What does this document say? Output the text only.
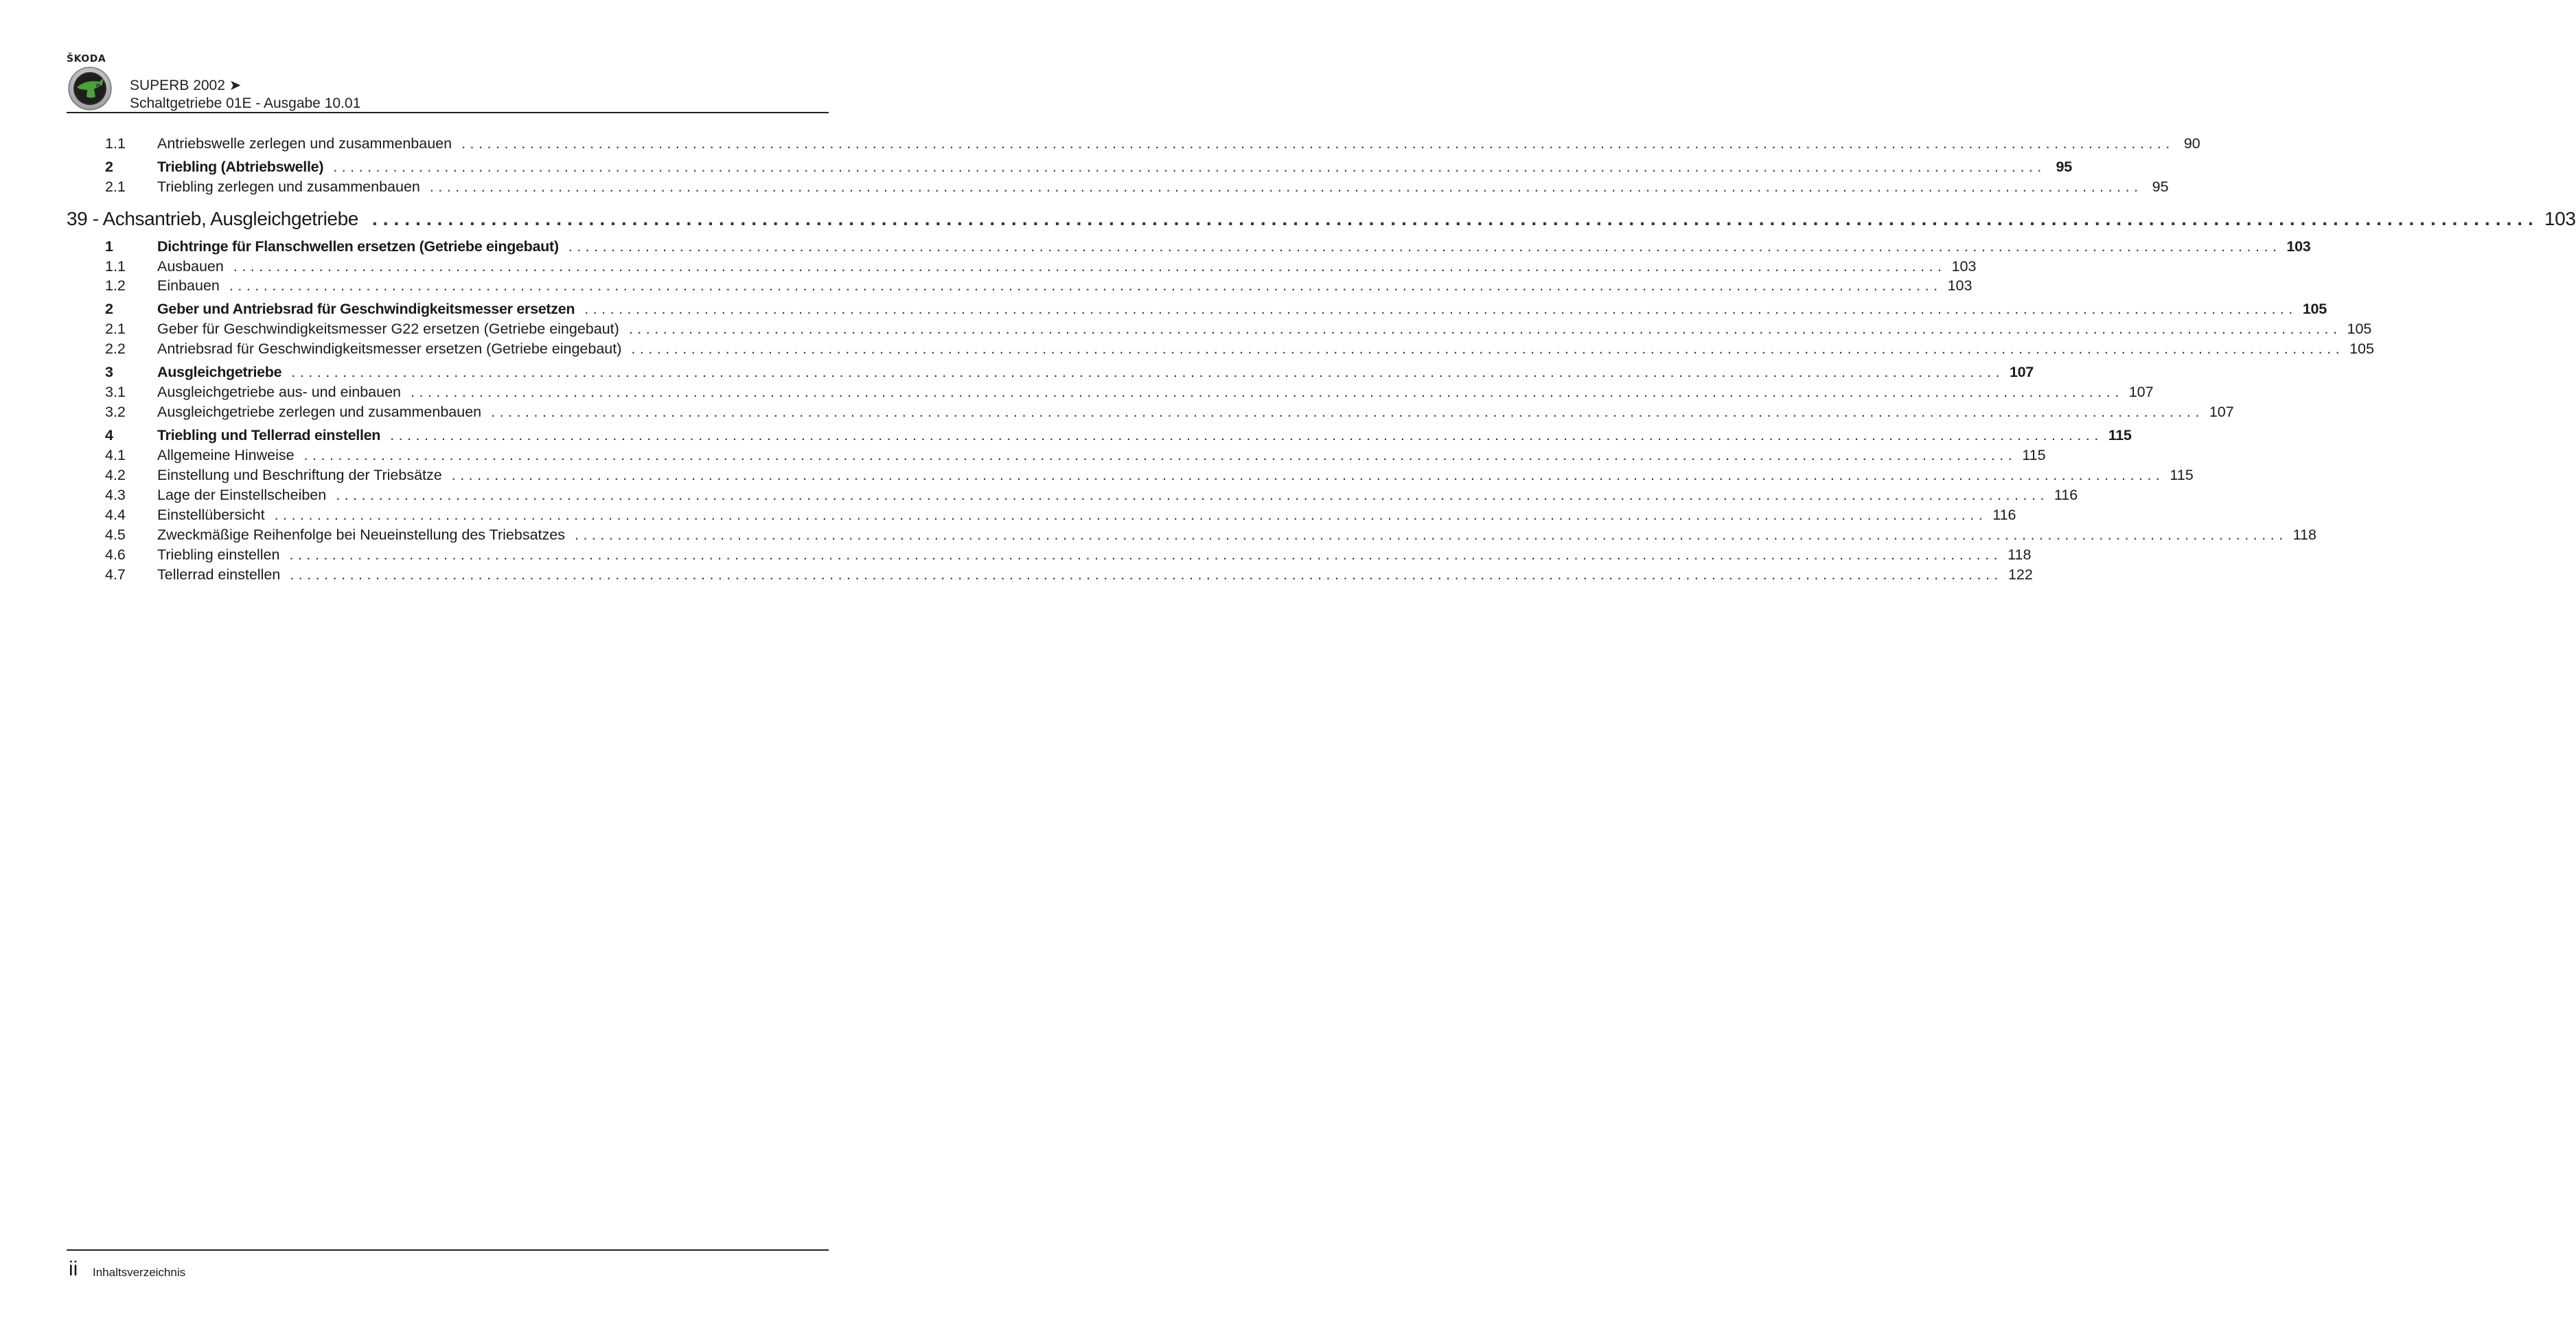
ŠKODA
SUPERB 2002 ➤
Schaltgetriebe 01E - Ausgabe 10.01
1.1	Antriebswelle zerlegen und zusammenbauen ........................................................................................................................................................................................................ 90
2	Triebling (Abtriebswelle) ........................................................................................................................................................................................................ 95
2.1	Triebling zerlegen und zusammenbauen ........................................................................................................................................................................................................ 95
39 - Achsantrieb, Ausgleichgetriebe ........................................................................................................................................................................................................ 103
1	Dichtringe für Flanschwellen ersetzen (Getriebe eingebaut) ........................................................................................................................................................................................................ 103
1.1	Ausbauen ........................................................................................................................................................................................................ 103
1.2	Einbauen ........................................................................................................................................................................................................ 103
2	Geber und Antriebsrad für Geschwindigkeitsmesser ersetzen ........................................................................................................................................................................................................ 105
2.1	Geber für Geschwindigkeitsmesser G22 ersetzen (Getriebe eingebaut) ........................................................................................................................................................................................................ 105
2.2	Antriebsrad für Geschwindigkeitsmesser ersetzen (Getriebe eingebaut) ........................................................................................................................................................................................................ 105
3	Ausgleichgetriebe ........................................................................................................................................................................................................ 107
3.1	Ausgleichgetriebe aus- und einbauen ........................................................................................................................................................................................................ 107
3.2	Ausgleichgetriebe zerlegen und zusammenbauen ........................................................................................................................................................................................................ 107
4	Triebling und Tellerrad einstellen ........................................................................................................................................................................................................ 115
4.1	Allgemeine Hinweise ........................................................................................................................................................................................................ 115
4.2	Einstellung und Beschriftung der Triebsätze ........................................................................................................................................................................................................ 115
4.3	Lage der Einstellscheiben ........................................................................................................................................................................................................ 116
4.4	Einstellübersicht ........................................................................................................................................................................................................ 116
4.5	Zweckmäßige Reihenfolge bei Neueinstellung des Triebsatzes ........................................................................................................................................................................................................ 118
4.6	Triebling einstellen ........................................................................................................................................................................................................ 118
4.7	Tellerrad einstellen ........................................................................................................................................................................................................ 122
ii Inhaltsverzeichnis
